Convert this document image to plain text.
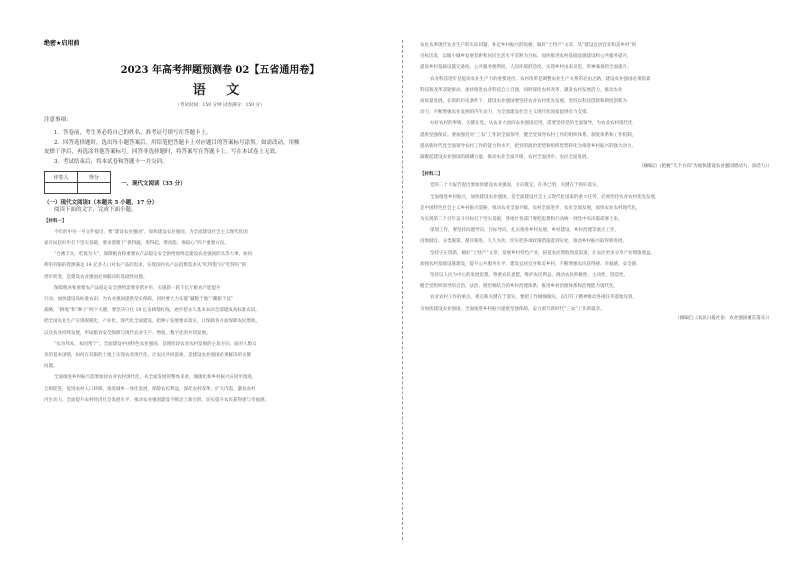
绝密★启用前
2023 年高考押题预测卷 02【五省通用卷】
语 文
（考试时间：150 分钟 试卷满分：150 分）
注意事项：

1．答卷前，考生务必将自己的姓名、准考证号填写在答题卡上。

2．回答选择题时，选出每小题答案后，用铅笔把答题卡上对应题目的答案标号涂黑。如需改动，用橡

皮擦干净后，再选涂其他答案标号。回答非选择题时，将答案写在答题卡上。写在本试卷上无效。

3．考试结束后，将本试卷和答题卡一并交回。

评卷人	得分

一、现代文阅读（35 分）
（一）现代文阅读Ⅰ（本题共 5 小题，17 分）

阅读下面的文字，完成下面小题。

【材料一】

今年的中央一号文件提出，要“建设农业强国”，加快建设农业强国，为全面建设社会主义现代化国

家开局起好步打下坚实基础，要求着眼于“供得蔬、用得起、增动能、保稳心”四个重要方向。

“仓廪丰实，吃饭为大”，保障粮食和重要农产品稳定安全供给始终是建设农业强国的头等大事。如何

利用有限的资源满足 14 亿多人口对农产品的需求，实现国内农产品消费需求从“吃得饱”向“吃得好”的

逐步转变，是建设农业强国必须解决的基础性问题。

保障粮食和重要农产品稳定安全供给需要多措并举，实施新一轮千亿斤粮食产能提升

行动，加快建设高标准农田，为农业强国提供坚实保障。同时要大力实施“藏粮于地”“藏粮于技”

战略，“耕地”和“种子”两个关键，要坚决守住 18 亿亩耕地红线，逐步把永久基本农田全部建成高标准农田，

把全国农业生产实现规模化、产业化、现代化全面建设，把种子发展要求落实，让保障各方面保障农民增收，

以及农业持续发展，形成粮食安全保障与现代农业生产、增收、数字化的共同发展。

“农为邦本，本固邦宁”。全面建设中国特色农业强国，是现阶段农业农村发展的主攻方向，面对人数众

多的基本国情，如何在有限的土地上实现农业现代化，让农民共同富裕，是建设农业强国必须解决的关键

问题。

全面推进乡村振兴需要加快农业农村现代化，从全面发展的整体来看，城镇化和乡村振兴应同步推进，

互相促进，促进农村人口转移，推进城乡一体化发展，保障农民利益，深化农村改革，扩大内需，激发农村

内生动力，全面提升农村经济社会发展水平，推动农业强国建设不断迈上新台阶，切实提升农民获得感与幸福感。

农民从事现代农业生产的实际问题，补足乡村振兴的短板，做好“土特产”文章，从“建设宜居宜业和美乡村”的

目标出发，以缩小城乡发展差距和居民生活水平差距为目标，加快推进农村基础设施建设和公共服务提升，

提高乡村基础设施完备度、公共服务便利度、人居环境舒适度，实现乡村由表及里、形神兼备的全面提升。

农业科技进步是提高农业生产力的重要途径。农村改革是调整农业生产关系的必由之路，建设农业强国必须依靠

科技和改革双轮驱动，加快推进农业科技自立自强，同时深化农村改革，激发农村发展活力，推动农业

高质量发展。在新的历史条件下，建设农业强国要坚持农业农村优先发展，坚持以科技创新和制度创新为

动力，不断增强农业发展的内生动力，为全面建设社会主义现代化国家提供有力支撑。

办好农村的事情，关键在党。从农业大国向农业强国迈进，需要坚持党的全面领导，为农业农村现代化

提供坚强保证。要加强党对“三农”工作的全面领导，健全党领导农村工作的组织体系、制度体系和工作机制，

提高新时代党全面领导农村工作的能力和水平，把党的政治优势和组织优势转化为推进乡村振兴的强大动力，

凝聚起建设农业强国的磅礴力量，推动农业全面升级、农村全面进步、农民全面发展。

（摘编自《把握“几个方向”为加快建设农业强国增动力、添活力》）

【材料二】

党的二十大报告提出要加快建设农业强国，方向既定，任务已明，关键在于抓好落实。

全面推进乡村振兴，加快建设农业强国，是全面建设社会主义现代化国家的重大任务，必须坚持农业农村优先发展，

走中国特色社会主义乡村振兴道路，推动农业全面升级、农村全面进步、农民全面发展，加快农业农村现代化，

为实现第二个百年奋斗目标打下坚实基础，各地区各部门要把思想和行动统一到党中央决策部署上来。

谋划工作，要坚持问题导向、目标导向，扎实推进乡村发展、乡村建设、乡村治理等重点工作，

因地制宜、分类施策，循序渐进、久久为功，切实把各项政策措施落到实处，推动乡村振兴取得新进展。

坚持守正创新，做好“土特产”文章，发展乡村特色产业，拓宽农民增收致富渠道，让农民更多分享产业增值收益。

加强农村基础设施建设，提升公共服务水平，建设宜居宜业和美乡村，不断增强农民获得感、幸福感、安全感。

坚持以人民为中心的发展思想，尊重农民意愿，维护农民利益，调动农民积极性、主动性、创造性，

健全党组织领导的自治、法治、德治相结合的乡村治理体系，推进乡村治理体系和治理能力现代化。

农业农村工作的重点、难点和关键在于落实，要把工作做细做实，以钉钉子精神推动各项任务落地见效，

为加快建设农业强国、全面推进乡村振兴提供坚强保障，奋力谱写新时代“三农”工作新篇章。

（摘编自《农民日报社论：农业强国重在落实》）
